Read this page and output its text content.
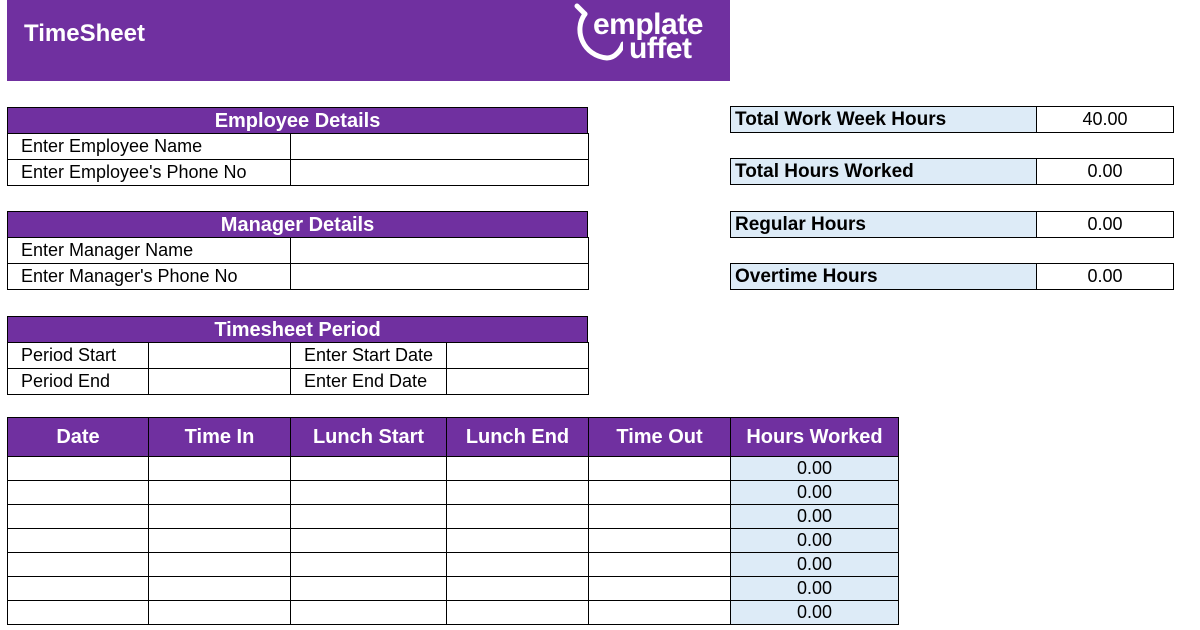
TimeSheet	emplate
uffet
Employee Details
Enter Employee Name	
Enter Employee's Phone No	
Manager Details
Enter Manager Name	
Enter Manager's Phone No	
Timesheet Period
Period Start		Enter Start Date	
Period End		Enter End Date	
Total Work Week Hours	40.00
Total Hours Worked	0.00
Regular Hours	0.00
Overtime Hours	0.00
Date	Time In	Lunch Start	Lunch End	Time Out	Hours Worked
					0.00
					0.00
					0.00
					0.00
					0.00
					0.00
					0.00
